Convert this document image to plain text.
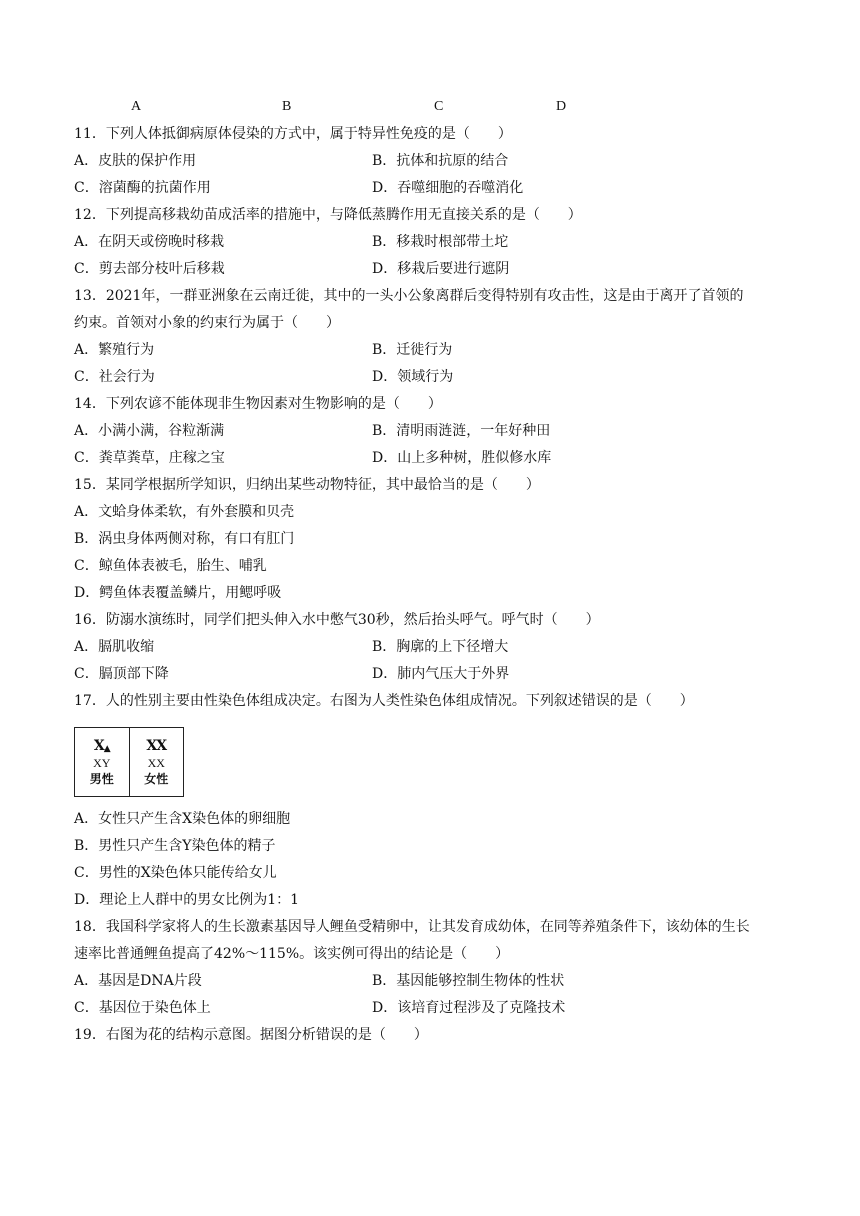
A	B	C	D
11．下列人体抵御病原体侵染的方式中，属于特异性免疫的是（　　）
A．皮肤的保护作用	B．抗体和抗原的结合
C．溶菌酶的抗菌作用	D．吞噬细胞的吞噬消化
12．下列提高移栽幼苗成活率的措施中，与降低蒸腾作用无直接关系的是（　　）
A．在阴天或傍晚时移栽	B．移栽时根部带土坨
C．剪去部分枝叶后移栽	D．移栽后要进行遮阴
13．2021年，一群亚洲象在云南迁徙，其中的一头小公象离群后变得特别有攻击性，这是由于离开了首领的
约束。首领对小象的约束行为属于（　　）
A．繁殖行为	B．迁徙行为
C．社会行为	D．领域行为
14．下列农谚不能体现非生物因素对生物影响的是（　　）
A．小满小满，谷粒渐满	B．清明雨涟涟，一年好种田
C．粪草粪草，庄稼之宝	D．山上多种树，胜似修水库
15．某同学根据所学知识，归纳出某些动物特征，其中最恰当的是（　　）
A．文蛤身体柔软，有外套膜和贝壳
B．涡虫身体两侧对称，有口有肛门
C．鲸鱼体表被毛，胎生、哺乳
D．鳄鱼体表覆盖鳞片，用鳃呼吸
16．防溺水演练时，同学们把头伸入水中憋气30秒，然后抬头呼气。呼气时（　　）
A．膈肌收缩	B．胸廓的上下径增大
C．膈顶部下降	D．肺内气压大于外界
17．人的性别主要由性染色体组成决定。右图为人类性染色体组成情况。下列叙述错误的是（　　）
X▲
XY
男性
XX
XX
女性
A．女性只产生含X染色体的卵细胞
B．男性只产生含Y染色体的精子
C．男性的X染色体只能传给女儿
D．理论上人群中的男女比例为1：1
18．我国科学家将人的生长激素基因导人鲤鱼受精卵中，让其发育成幼体，在同等养殖条件下，该幼体的生长
速率比普通鲤鱼提高了42%～115%。该实例可得出的结论是（　　）
A．基因是DNA片段	B．基因能够控制生物体的性状
C．基因位于染色体上	D．该培育过程涉及了克隆技术
19．右图为花的结构示意图。据图分析错误的是（　　）
